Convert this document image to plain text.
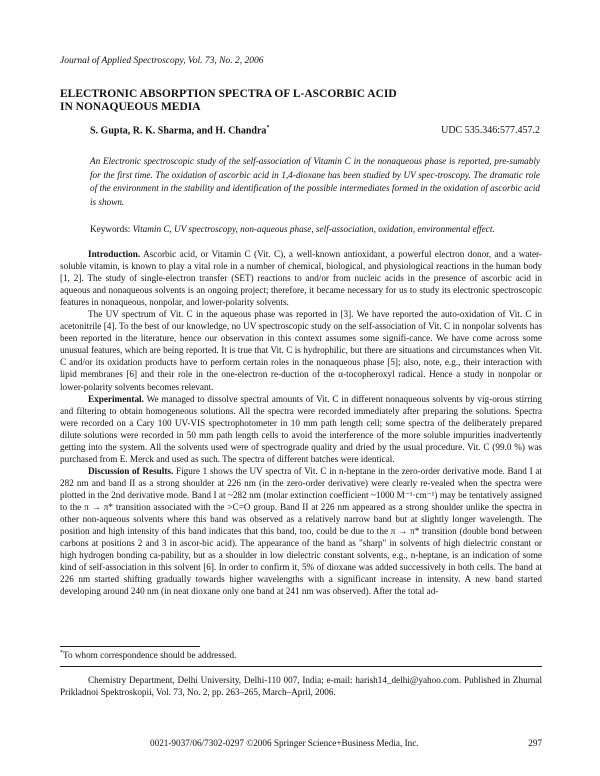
Journal of Applied Spectroscopy, Vol. 73, No. 2, 2006
ELECTRONIC ABSORPTION SPECTRA OF L-ASCORBIC ACID
IN NONAQUEOUS MEDIA
S. Gupta, R. K. Sharma, and H. Chandra*	UDC 535.346:577.457.2
An Electronic spectroscopic study of the self-association of Vitamin C in the nonaqueous phase is reported, pre-sumably for the first time. The oxidation of ascorbic acid in 1,4-dioxane has been studied by UV spec-troscopy. The dramatic role of the environment in the stability and identification of the possible intermediates formed in the oxidation of ascorbic acid is shown.
Keywords: Vitamin C, UV spectroscopy, non-aqueous phase, self-association, oxidation, environmental effect.

Introduction. Ascorbic acid, or Vitamin C (Vit. C), a well-known antioxidant, a powerful electron donor, and a water-soluble vitamin, is known to play a vital role in a number of chemical, biological, and physiological reactions in the human body [1, 2]. The study of single-electron transfer (SET) reactions to and/or from nucleic acids in the presence of ascorbic acid in aqueous and nonaqueous solvents is an ongoing project; therefore, it became necessary for us to study its electronic spectroscopic features in nonaqueous, nonpolar, and lower-polarity solvents.

The UV spectrum of Vit. C in the aqueous phase was reported in [3]. We have reported the auto-oxidation of Vit. C in acetonitrile [4]. To the best of our knowledge, no UV spectroscopic study on the self-association of Vit. C in nonpolar solvents has been reported in the literature, hence our observation in this context assumes some signifi-cance. We have come across some unusual features, which are being reported. It is true that Vit. C is hydrophilic, but there are situations and circumstances when Vit. C and/or its oxidation products have to perform certain roles in the nonaqueous phase [5]; also, note, e.g., their interaction with lipid membranes [6] and their role in the one-electron re-duction of the α-tocopheroxyl radical. Hence a study in nonpolar or lower-polarity solvents becomes relevant.

Experimental. We managed to dissolve spectral amounts of Vit. C in different nonaqueous solvents by vig-orous stirring and filtering to obtain homogeneous solutions. All the spectra were recorded immediately after preparing the solutions. Spectra were recorded on a Cary 100 UV-VIS spectrophotometer in 10 mm path length cell; some spectra of the deliberately prepared dilute solutions were recorded in 50 mm path length cells to avoid the interference of the more soluble impurities inadvertently getting into the system. All the solvents used were of spectrograde quality and dried by the usual procedure. Vit. C (99.0 %) was purchased from E. Merck and used as such. The spectra of different batches were identical.

Discussion of Results. Figure 1 shows the UV spectra of Vit. C in n-heptane in the zero-order derivative mode. Band I at 282 nm and band II as a strong shoulder at 226 nm (in the zero-order derivative) were clearly re-vealed when the spectra were plotted in the 2nd derivative mode. Band I at ~282 nm (molar extinction coefficient ~1000 M⁻¹·cm⁻¹) may be tentatively assigned to the π → π* transition associated with the >C=O group. Band II at 226 nm appeared as a strong shoulder unlike the spectra in other non-aqueous solvents where this band was observed as a relatively narrow band but at slightly longer wavelength. The position and high intensity of this band indicates that this band, too, could be due to the π → π* transition (double bond between carbons at positions 2 and 3 in ascor-bic acid). The appearance of the band as "sharp" in solvents of high dielectric constant or high hydrogen bonding ca-pability, but as a shoulder in low dielectric constant solvents, e.g., n-heptane, is an indication of some kind of self-association in this solvent [6]. In order to confirm it, 5% of dioxane was added successively in both cells. The band at 226 nm started shifting gradually towards higher wavelengths with a significant increase in intensity. A new band started developing around 240 nm (in neat dioxane only one band at 241 nm was observed). After the total ad-

*To whom correspondence should be addressed.
Chemistry Department, Delhi University, Delhi-110 007, India; e-mail: harish14_delhi@yahoo.com. Published in Zhurnal Prikladnoi Spektroskopii, Vol. 73, No. 2, pp. 263–265, March–April, 2006.
0021-9037/06/7302-0297 ©2006 Springer Science+Business Media, Inc.	297
